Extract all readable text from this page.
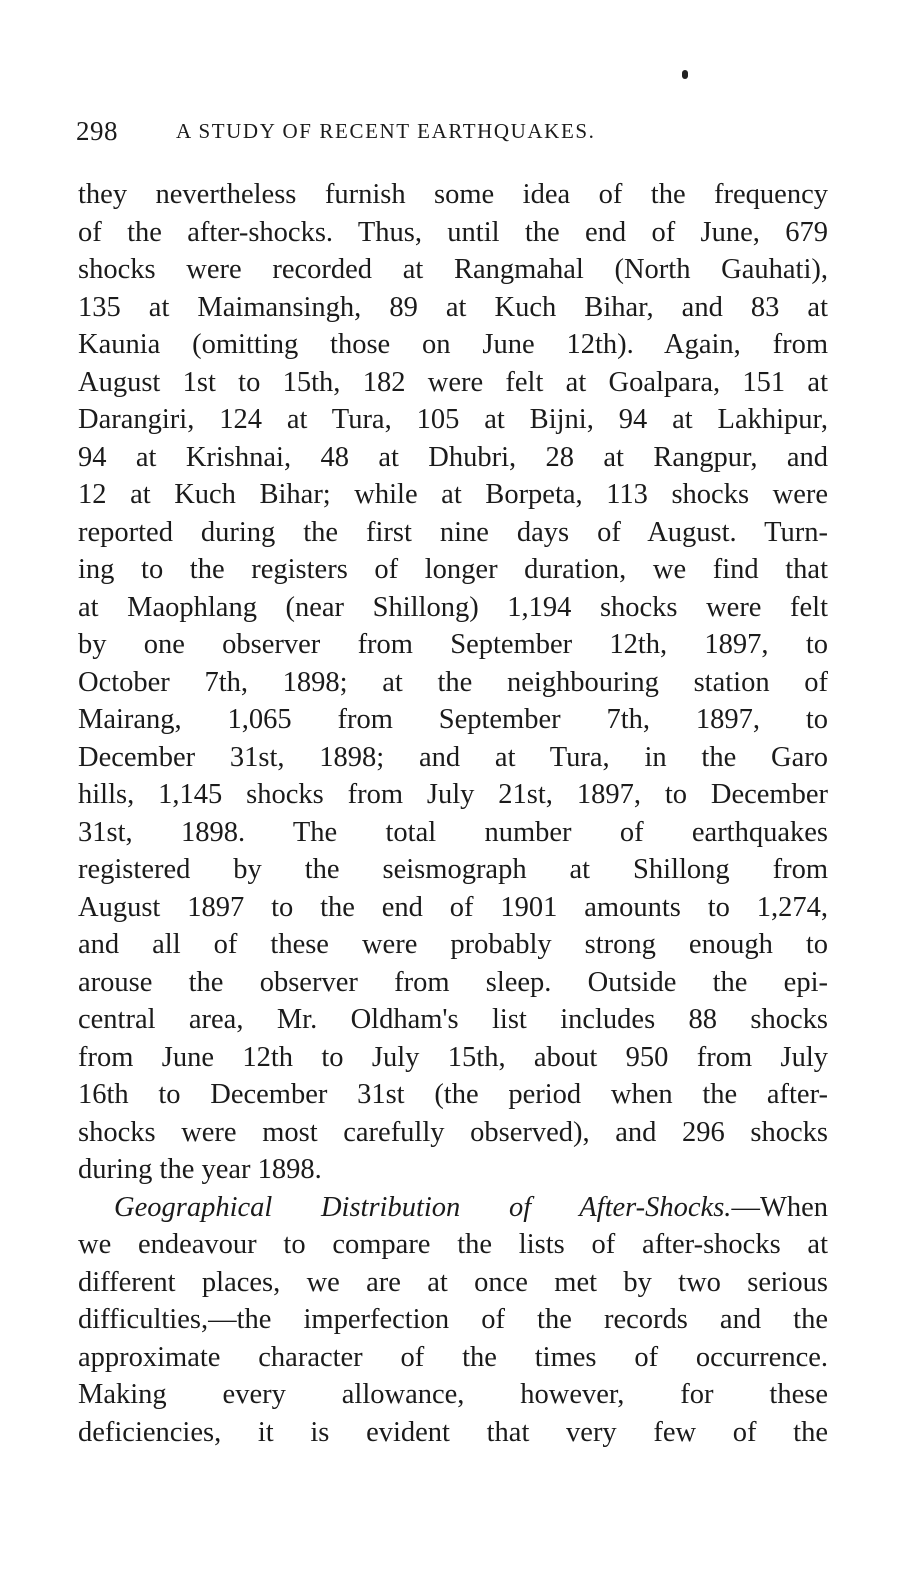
298	A STUDY OF RECENT EARTHQUAKES.
they nevertheless furnish some idea of the frequency
of the after-shocks. Thus, until the end of June, 679
shocks were recorded at Rangmahal (North Gauhati),
135 at Maimansingh, 89 at Kuch Bihar, and 83 at
Kaunia (omitting those on June 12th). Again, from
August 1st to 15th, 182 were felt at Goalpara, 151 at
Darangiri, 124 at Tura, 105 at Bijni, 94 at Lakhipur,
94 at Krishnai, 48 at Dhubri, 28 at Rangpur, and
12 at Kuch Bihar; while at Borpeta, 113 shocks were
reported during the first nine days of August. Turn-
ing to the registers of longer duration, we find that
at Maophlang (near Shillong) 1,194 shocks were felt
by one observer from September 12th, 1897, to
October 7th, 1898; at the neighbouring station of
Mairang, 1,065 from September 7th, 1897, to
December 31st, 1898; and at Tura, in the Garo
hills, 1,145 shocks from July 21st, 1897, to December
31st, 1898. The total number of earthquakes
registered by the seismograph at Shillong from
August 1897 to the end of 1901 amounts to 1,274,
and all of these were probably strong enough to
arouse the observer from sleep. Outside the epi-
central area, Mr. Oldham's list includes 88 shocks
from June 12th to July 15th, about 950 from July
16th to December 31st (the period when the after-
shocks were most carefully observed), and 296 shocks
during the year 1898.
Geographical Distribution of After-Shocks.—When
we endeavour to compare the lists of after-shocks at
different places, we are at once met by two serious
difficulties,—the imperfection of the records and the
approximate character of the times of occurrence.
Making every allowance, however, for these
deficiencies, it is evident that very few of the
